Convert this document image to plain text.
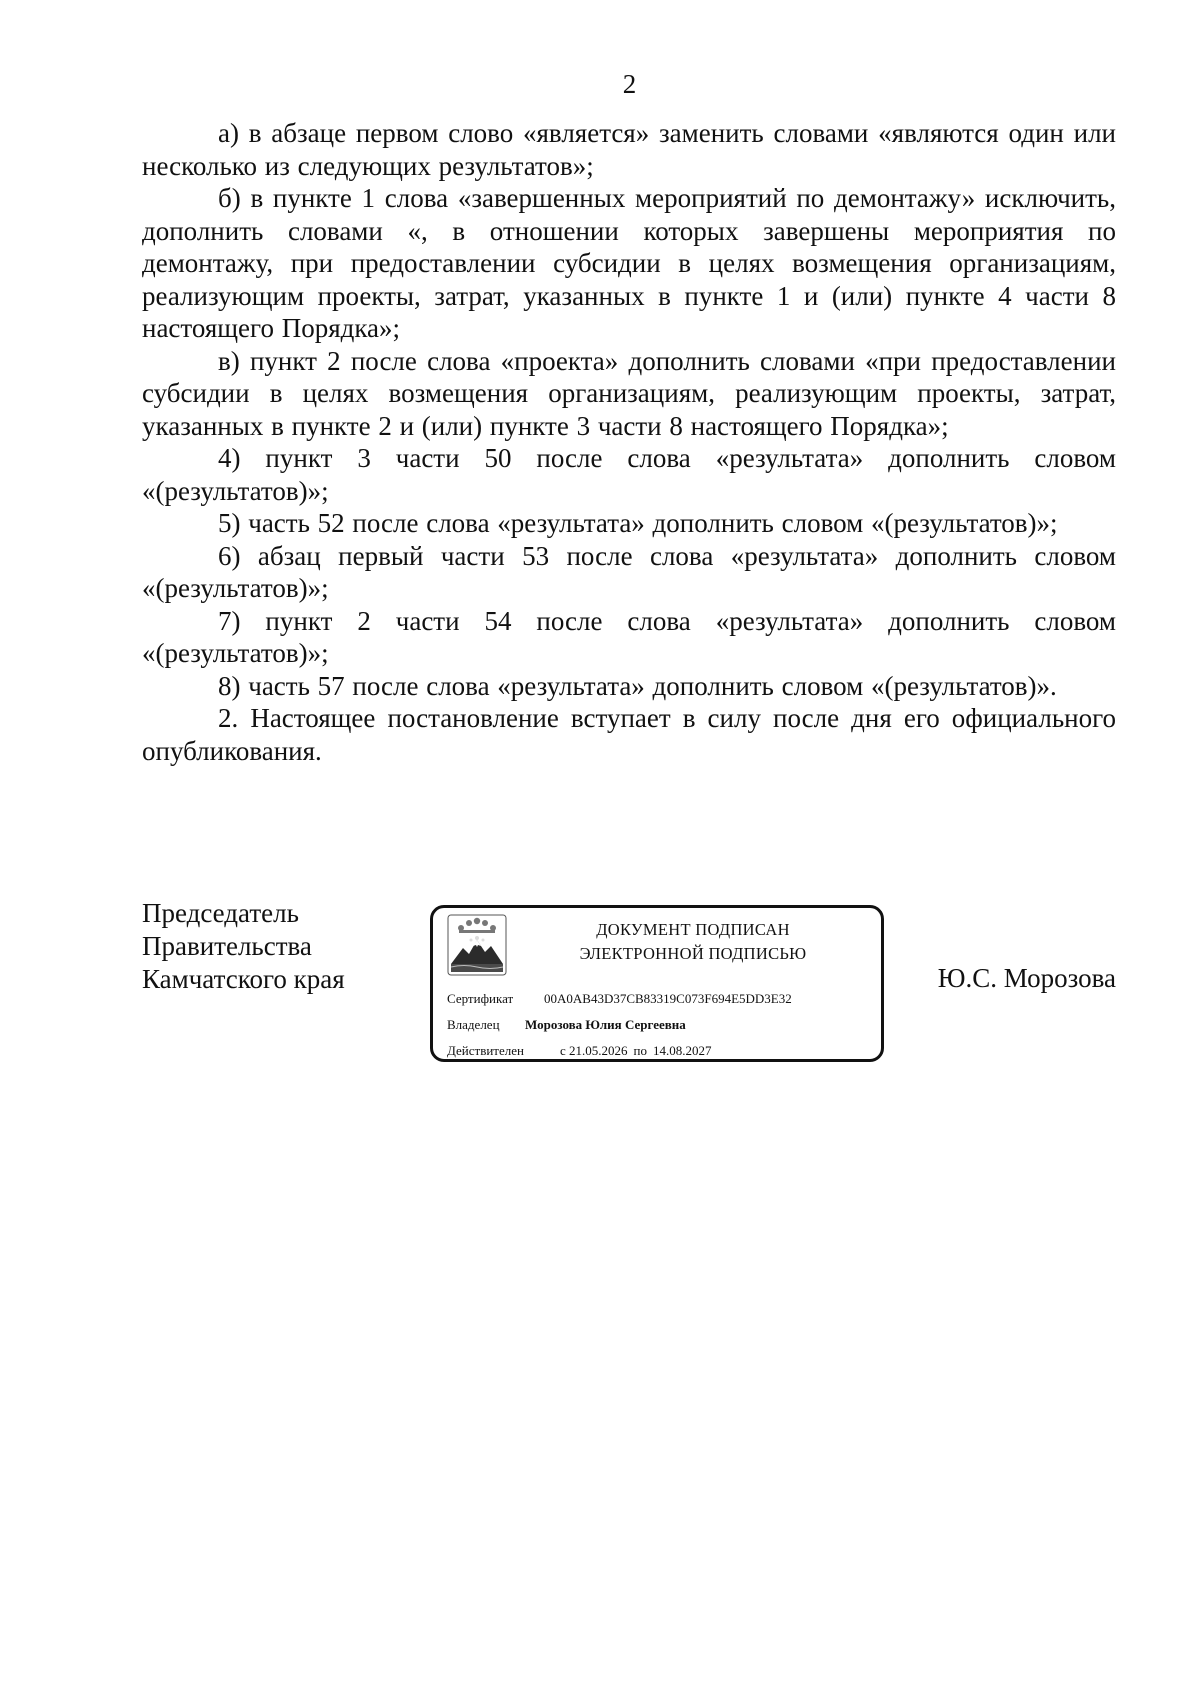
2

а) в абзаце первом слово «является» заменить словами «являются один или несколько из следующих результатов»;

б) в пункте 1 слова «завершенных мероприятий по демонтажу» исключить, дополнить словами «, в отношении которых завершены мероприятия по демонтажу, при предоставлении субсидии в целях возмещения организациям, реализующим проекты, затрат, указанных в пункте 1 и (или) пункте 4 части 8 настоящего Порядка»;

в) пункт 2 после слова «проекта» дополнить словами «при предоставлении субсидии в целях возмещения организациям, реализующим проекты, затрат, указанных в пункте 2 и (или) пункте 3 части 8 настоящего Порядка»;

4) пункт 3 части 50 после слова «результата» дополнить словом «(результатов)»;

5) часть 52 после слова «результата» дополнить словом «(результатов)»;

6) абзац первый части 53 после слова «результата» дополнить словом «(результатов)»;

7) пункт 2 части 54 после слова «результата» дополнить словом «(результатов)»;

8) часть 57 после слова «результата» дополнить словом «(результатов)».

2. Настоящее постановление вступает в силу после дня его официального опубликования.

Председатель
Правительства
Камчатского края
ДОКУМЕНТ ПОДПИСАН
ЭЛЕКТРОННОЙ ПОДПИСЬЮ
Сертификат 00A0AB43D37CB83319C073F694E5DD3E32
Владелец Морозова Юлия Сергеевна
Действителен	с 21.05.2026 по 14.08.2027
Ю.С. Морозова
